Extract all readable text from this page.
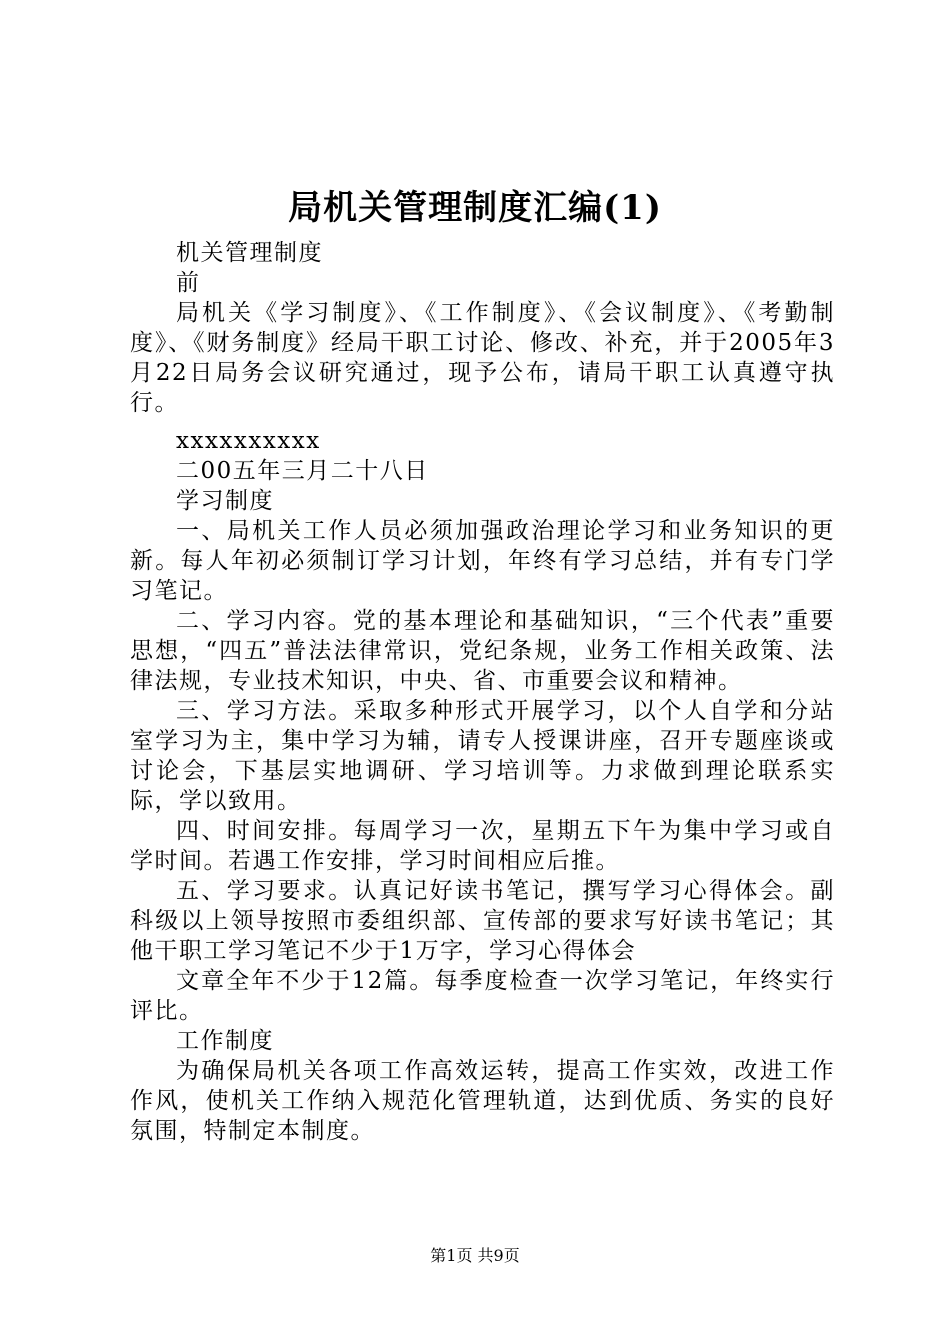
局机关管理制度汇编(1)

机关管理制度

前

局机关《学习制度》、《工作制度》、《会议制度》、《考勤制度》、《财务制度》经局干职工讨论、修改、补充，并于2005年3月22日局务会议研究通过，现予公布，请局干职工认真遵守执行。

xxxxxxxxxx

二00五年三月二十八日

学习制度

一、局机关工作人员必须加强政治理论学习和业务知识的更新。每人年初必须制订学习计划，年终有学习总结，并有专门学习笔记。

二、学习内容。党的基本理论和基础知识，“三个代表”重要思想，“四五”普法法律常识，党纪条规，业务工作相关政策、法律法规，专业技术知识，中央、省、市重要会议和精神。

三、学习方法。采取多种形式开展学习，以个人自学和分站室学习为主，集中学习为辅，请专人授课讲座，召开专题座谈或讨论会，下基层实地调研、学习培训等。力求做到理论联系实际，学以致用。

四、时间安排。每周学习一次，星期五下午为集中学习或自学时间。若遇工作安排，学习时间相应后推。

五、学习要求。认真记好读书笔记，撰写学习心得体会。副科级以上领导按照市委组织部、宣传部的要求写好读书笔记；其他干职工学习笔记不少于1万字，学习心得体会

文章全年不少于12篇。每季度检查一次学习笔记，年终实行评比。

工作制度

为确保局机关各项工作高效运转，提高工作实效，改进工作作风，使机关工作纳入规范化管理轨道，达到优质、务实的良好氛围，特制定本制度。

第1页 共9页
